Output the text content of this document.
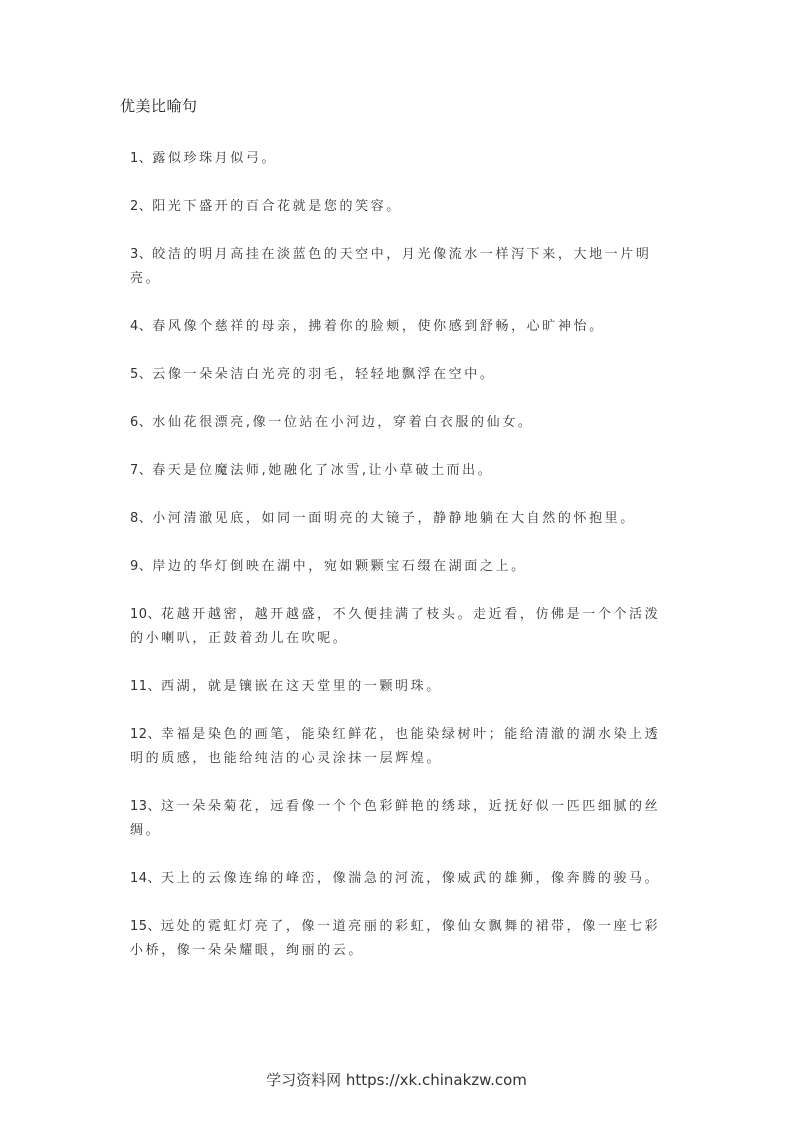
优美比喻句
1、露似珍珠月似弓。
2、阳光下盛开的百合花就是您的笑容。
3、皎洁的明月高挂在淡蓝色的天空中，月光像流水一样泻下来，大地一片明亮。
4、春风像个慈祥的母亲，拂着你的脸颊，使你感到舒畅，心旷神怡。
5、云像一朵朵洁白光亮的羽毛，轻轻地飘浮在空中。
6、水仙花很漂亮,像一位站在小河边，穿着白衣服的仙女。
7、春天是位魔法师,她融化了冰雪,让小草破土而出。
8、小河清澈见底，如同一面明亮的大镜子，静静地躺在大自然的怀抱里。
9、岸边的华灯倒映在湖中，宛如颗颗宝石缀在湖面之上。
10、花越开越密，越开越盛，不久便挂满了枝头。走近看，仿佛是一个个活泼的小喇叭，正鼓着劲儿在吹呢。
11、西湖，就是镶嵌在这天堂里的一颗明珠。
12、幸福是染色的画笔，能染红鲜花，也能染绿树叶；能给清澈的湖水染上透明的质感，也能给纯洁的心灵涂抹一层辉煌。
13、这一朵朵菊花，远看像一个个色彩鲜艳的绣球，近抚好似一匹匹细腻的丝绸。
14、天上的云像连绵的峰峦，像湍急的河流，像威武的雄狮，像奔腾的骏马。
15、远处的霓虹灯亮了，像一道亮丽的彩虹，像仙女飘舞的裙带，像一座七彩小桥，像一朵朵耀眼，绚丽的云。
学习资料网 https://xk.chinakzw.com
